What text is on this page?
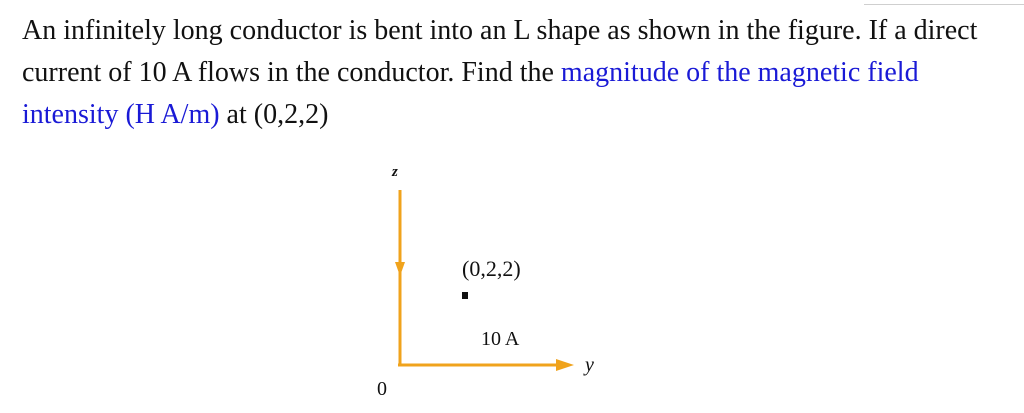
An infinitely long conductor is bent into an L shape as shown in the figure. If a direct current of 10 A flows in the conductor. Find the magnitude of the magnetic field intensity (H A/m) at (0,2,2)
z
(0,2,2)
10 A
y
0
